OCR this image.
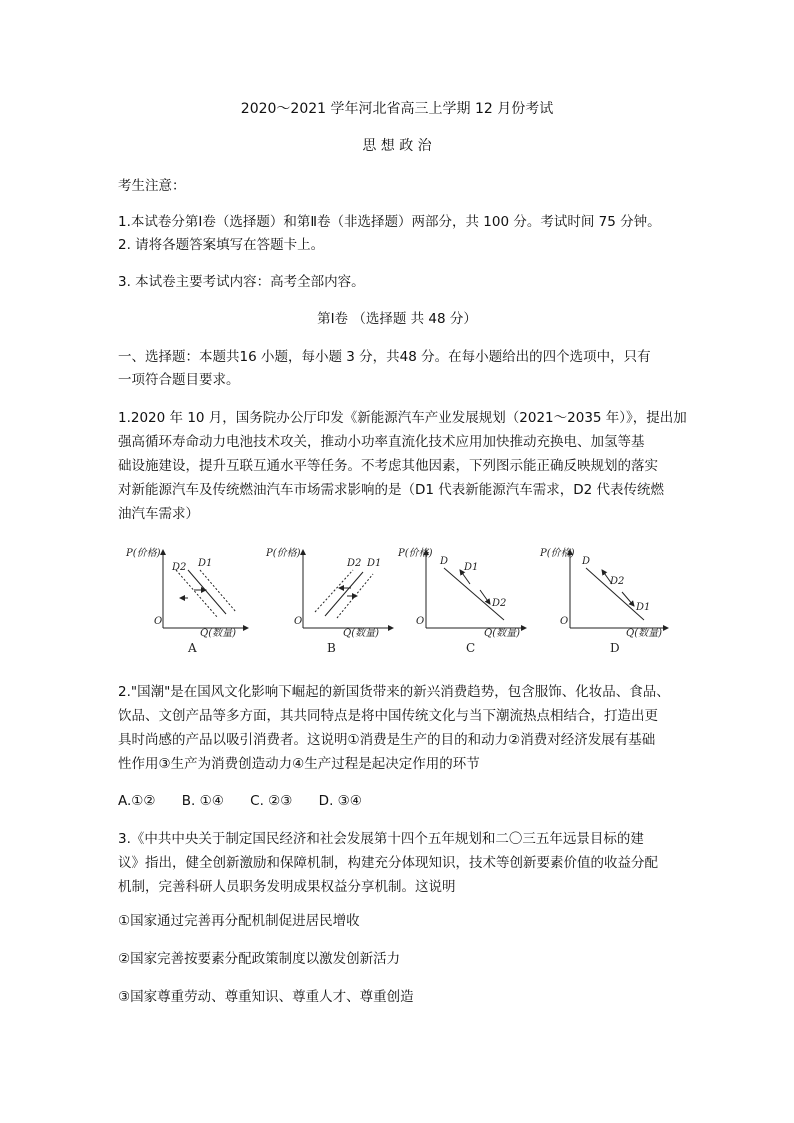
2020～2021 学年河北省高三上学期 12 月份考试
思 想 政 治
考生注意：
1.本试卷分第Ⅰ卷（选择题）和第Ⅱ卷（非选择题）两部分，共 100 分。考试时间 75 分钟。
2. 请将各题答案填写在答题卡上。
3. 本试卷主要考试内容：高考全部内容。
第Ⅰ卷 （选择题 共 48 分）
一、选择题：本题共16 小题，每小题 3 分，共48 分。在每小题给出的四个选项中，只有
一项符合题目要求。
1.2020 年 10 月，国务院办公厅印发《新能源汽车产业发展规划（2021～2035 年）》，提出加
强高循环寿命动力电池技术攻关，推动小功率直流化技术应用加快推动充换电、加氢等基
础设施建设，提升互联互通水平等任务。不考虑其他因素，下列图示能正确反映规划的落实
对新能源汽车及传统燃油汽车市场需求影响的是（D1 代表新能源汽车需求，D2 代表传统燃
油汽车需求）
P(价格)
Q(数量)
O
D2 D1
A
P(价格)
Q(数量)
O
D2 D1
B
P(价格)
Q(数量)
O
D
D1
D2
C
P(价格)
Q(数量)
O
D
D2
D1
D
2."国潮"是在国风文化影响下崛起的新国货带来的新兴消费趋势，包含服饰、化妆品、食品、
饮品、文创产品等多方面，其共同特点是将中国传统文化与当下潮流热点相结合，打造出更
具时尚感的产品以吸引消费者。这说明①消费是生产的目的和动力②消费对经济发展有基础
性作用③生产为消费创造动力④生产过程是起决定作用的环节
A.①② B. ①④ C. ②③ D. ③④
3.《中共中央关于制定国民经济和社会发展第十四个五年规划和二〇三五年远景目标的建
议》指出，健全创新激励和保障机制，构建充分体现知识，技术等创新要素价值的收益分配
机制，完善科研人员职务发明成果权益分享机制。这说明
①国家通过完善再分配机制促进居民增收
②国家完善按要素分配政策制度以激发创新活力
③国家尊重劳动、尊重知识、尊重人才、尊重创造
